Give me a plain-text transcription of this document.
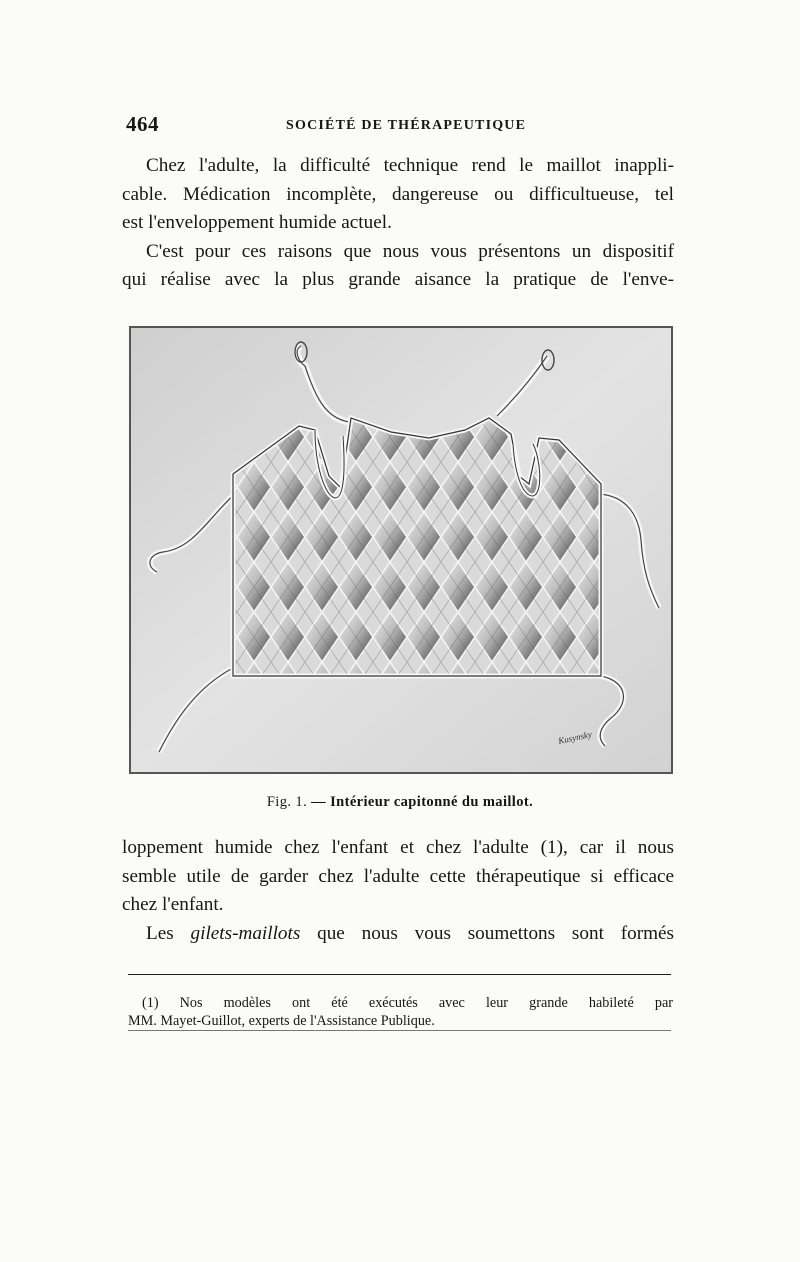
464	SOCIÉTÉ DE THÉRAPEUTIQUE

Chez l'adulte, la difficulté technique rend le maillot inappli-

cable. Médication incomplète, dangereuse ou difficultueuse, tel

est l'enveloppement humide actuel.

C'est pour ces raisons que nous vous présentons un dispositif

qui réalise avec la plus grande aisance la pratique de l'enve-

Kusynsky
Fig. 1. — Intérieur capitonné du maillot.

loppement humide chez l'enfant et chez l'adulte (1), car il nous

semble utile de garder chez l'adulte cette thérapeutique si efficace

chez l'enfant.

Les gilets-maillots que nous vous soumettons sont formés

(1) Nos modèles ont été exécutés avec leur grande habileté par

MM. Mayet-Guillot, experts de l'Assistance Publique.
